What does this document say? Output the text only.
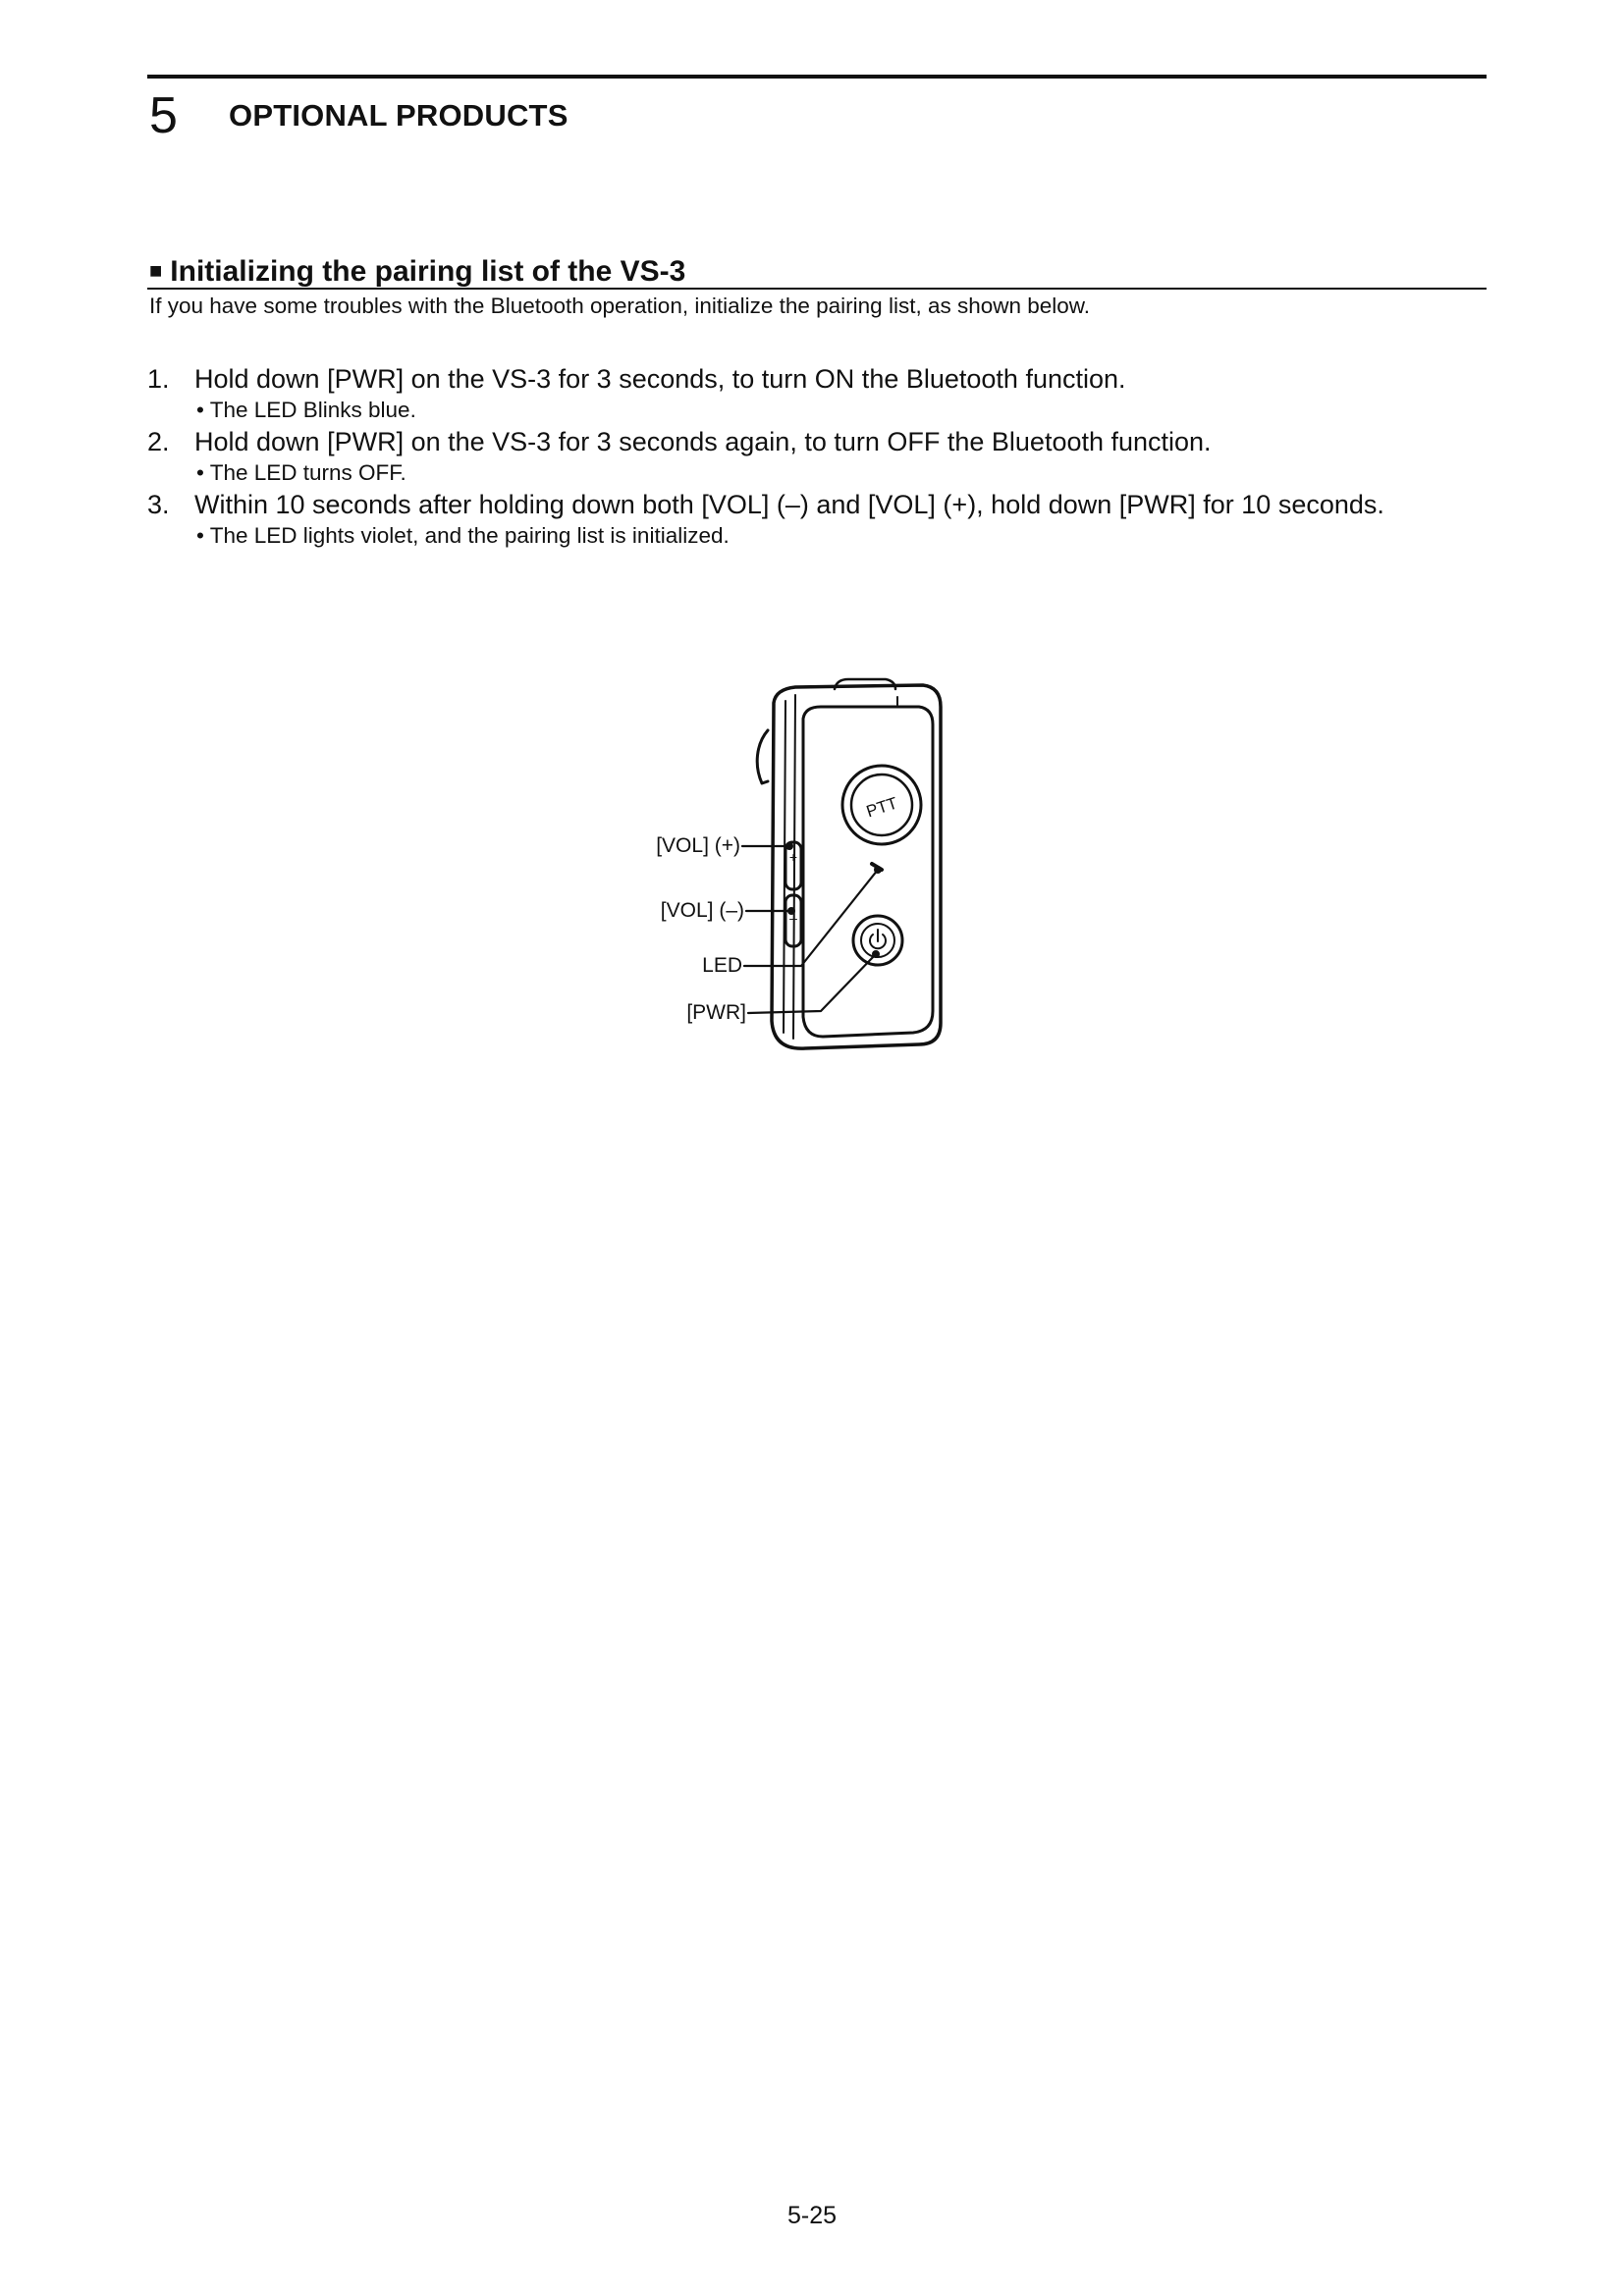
5 OPTIONAL PRODUCTS
■ Initializing the pairing list of the VS-3
If you have some troubles with the Bluetooth operation, initialize the pairing list, as shown below.
1. Hold down [PWR] on the VS-3 for 3 seconds, to turn ON the Bluetooth function.
• The LED Blinks blue.
2. Hold down [PWR] on the VS-3 for 3 seconds again, to turn OFF the Bluetooth function.
• The LED turns OFF.
3. Within 10 seconds after holding down both [VOL] (–) and [VOL] (+), hold down [PWR] for 10 seconds.
• The LED lights violet, and the pairing list is initialized.
PTT
+
–
[VOL] (+)
[VOL] (–)
LED
[PWR]
5-25
